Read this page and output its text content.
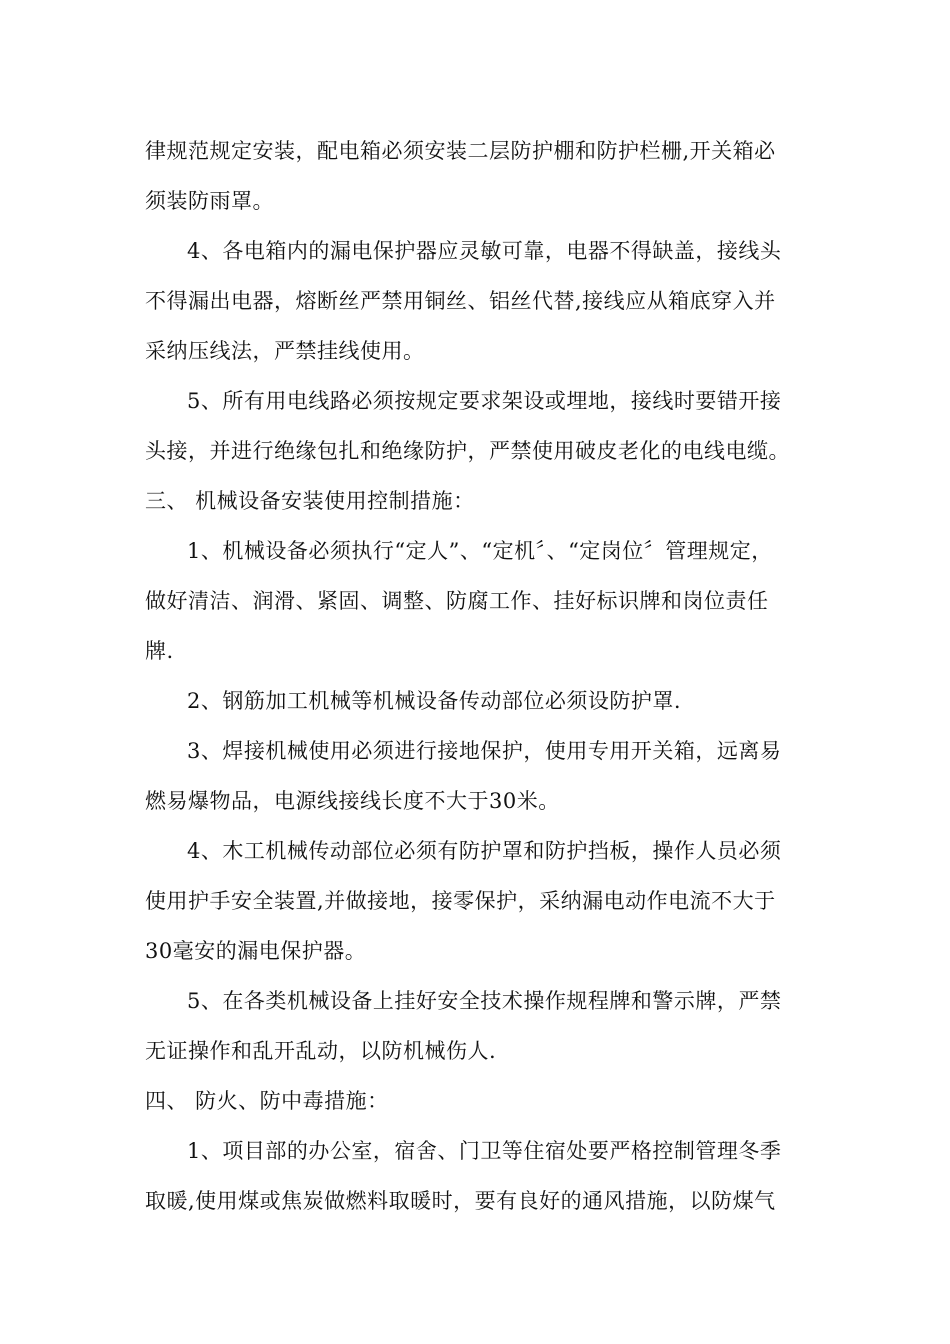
律规范规定安装，配电箱必须安装二层防护棚和防护栏栅,开关箱必
须装防雨罩。
4、各电箱内的漏电保护器应灵敏可靠，电器不得缺盖，接线头
不得漏出电器，熔断丝严禁用铜丝、铝丝代替,接线应从箱底穿入并
采纳压线法，严禁挂线使用。
5、所有用电线路必须按规定要求架设或埋地，接线时要错开接
头接，并进行绝缘包扎和绝缘防护，严禁使用破皮老化的电线电缆。
三、 机械设备安装使用控制措施：
1、机械设备必须执行“定人”、“定机〞、“定岗位〞管理规定，
做好清洁、润滑、紧固、调整、防腐工作、挂好标识牌和岗位责任
牌.
2、钢筋加工机械等机械设备传动部位必须设防护罩.
3、焊接机械使用必须进行接地保护，使用专用开关箱，远离易
燃易爆物品，电源线接线长度不大于30米。
4、木工机械传动部位必须有防护罩和防护挡板，操作人员必须
使用护手安全装置,并做接地，接零保护，采纳漏电动作电流不大于
30毫安的漏电保护器。
5、在各类机械设备上挂好安全技术操作规程牌和警示牌，严禁
无证操作和乱开乱动，以防机械伤人.
四、 防火、防中毒措施：
1、项目部的办公室，宿舍、门卫等住宿处要严格控制管理冬季
取暖,使用煤或焦炭做燃料取暖时，要有良好的通风措施，以防煤气
